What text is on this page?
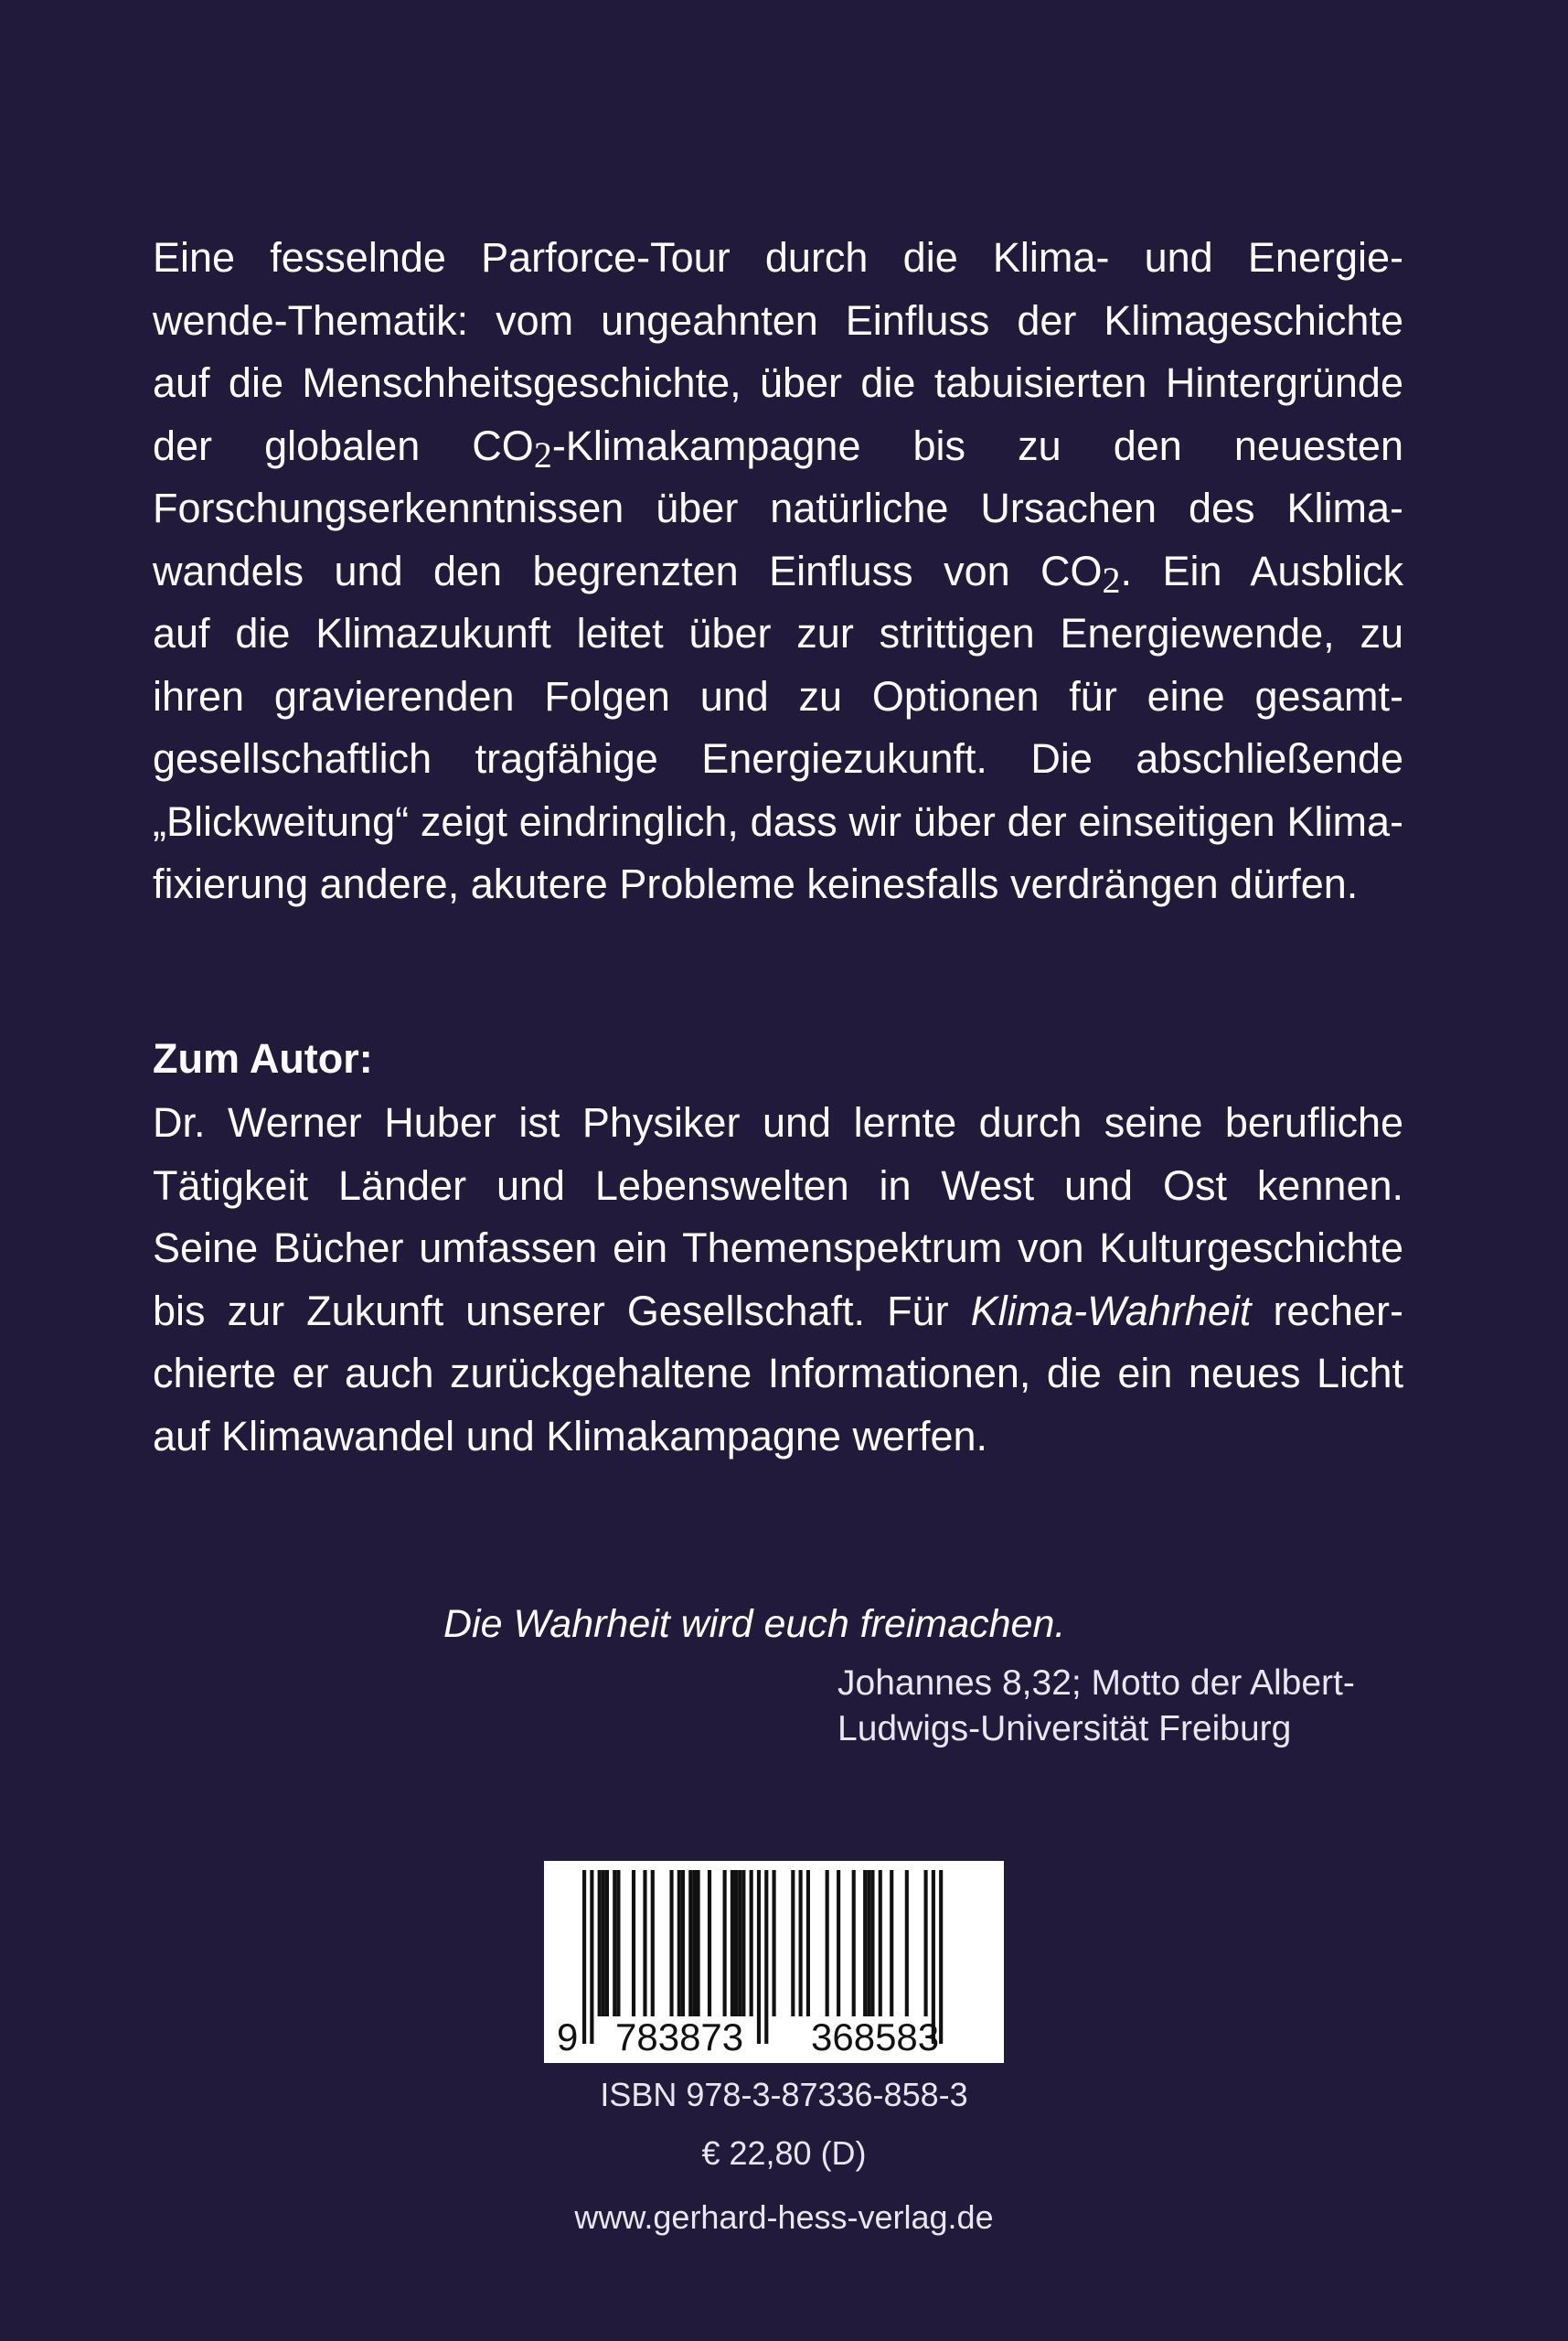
Eine fesselnde Parforce-Tour durch die Klima- und Energie-
wende-Thematik: vom ungeahnten Einfluss der Klimageschichte
auf die Menschheitsgeschichte, über die tabuisierten Hintergründe
der globalen CO2-Klimakampagne bis zu den neuesten
Forschungserkenntnissen über natürliche Ursachen des Klima-
wandels und den begrenzten Einfluss von CO2. Ein Ausblick
auf die Klimazukunft leitet über zur strittigen Energiewende, zu
ihren gravierenden Folgen und zu Optionen für eine gesamt-
gesellschaftlich tragfähige Energiezukunft. Die abschließende
„Blickweitung“ zeigt eindringlich, dass wir über der einseitigen Klima-
fixierung andere, akutere Probleme keinesfalls verdrängen dürfen.
Zum Autor:
Dr. Werner Huber ist Physiker und lernte durch seine berufliche
Tätigkeit Länder und Lebenswelten in West und Ost kennen.
Seine Bücher umfassen ein Themenspektrum von Kulturgeschichte
bis zur Zukunft unserer Gesellschaft. Für Klima-Wahrheit recher-
chierte er auch zurückgehaltene Informationen, die ein neues Licht
auf Klimawandel und Klimakampagne werfen.
Die Wahrheit wird euch freimachen.
Johannes 8,32; Motto der Albert-
Ludwigs-Universität Freiburg
9 783873 368583
ISBN 978-3-87336-858-3
€ 22,80 (D)
www.gerhard-hess-verlag.de
